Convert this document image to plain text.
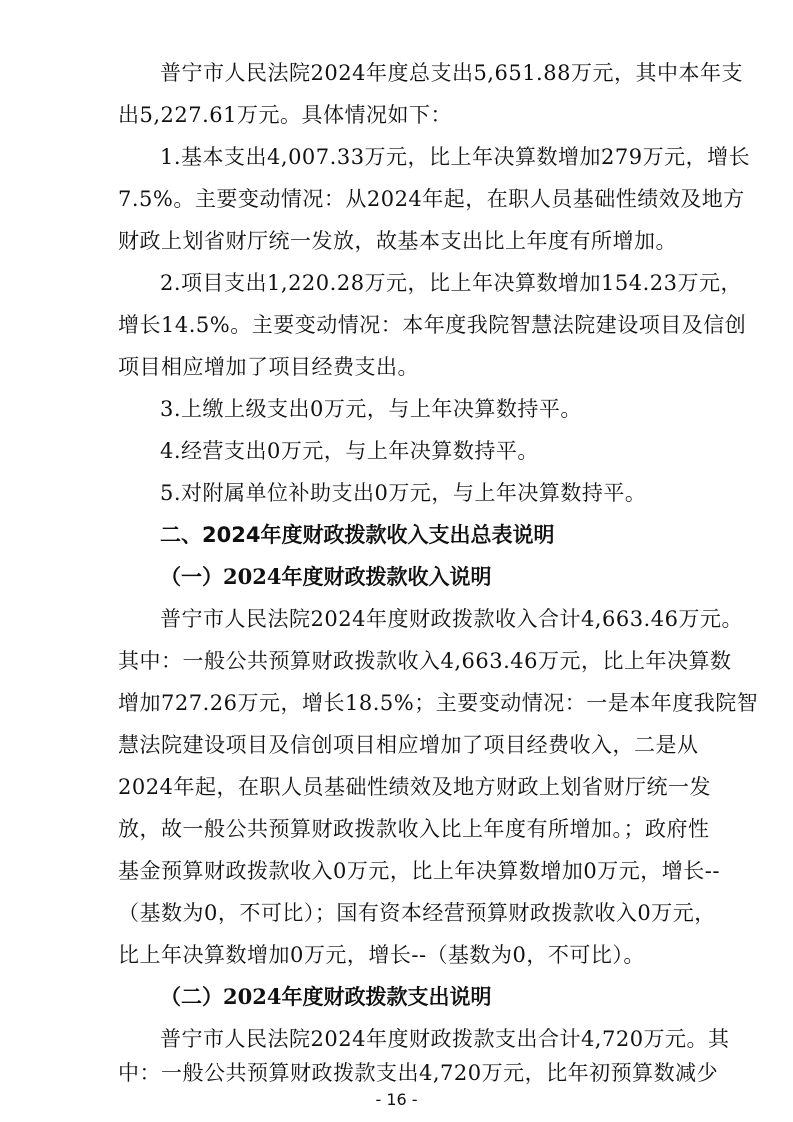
普宁市人民法院2024年度总支出5,651.88万元，其中本年支
出5,227.61万元。具体情况如下：
1.基本支出4,007.33万元，比上年决算数增加279万元，增长
7.5%。主要变动情况：从2024年起，在职人员基础性绩效及地方
财政上划省财厅统一发放，故基本支出比上年度有所增加。
2.项目支出1,220.28万元，比上年决算数增加154.23万元，
增长14.5%。主要变动情况：本年度我院智慧法院建设项目及信创
项目相应增加了项目经费支出。
3.上缴上级支出0万元，与上年决算数持平。
4.经营支出0万元，与上年决算数持平。
5.对附属单位补助支出0万元，与上年决算数持平。
二、2024年度财政拨款收入支出总表说明
（一）2024年度财政拨款收入说明
普宁市人民法院2024年度财政拨款收入合计4,663.46万元。
其中：一般公共预算财政拨款收入4,663.46万元，比上年决算数
增加727.26万元，增长18.5%；主要变动情况：一是本年度我院智
慧法院建设项目及信创项目相应增加了项目经费收入，二是从
2024年起，在职人员基础性绩效及地方财政上划省财厅统一发
放，故一般公共预算财政拨款收入比上年度有所增加。；政府性
基金预算财政拨款收入0万元，比上年决算数增加0万元，增长--
（基数为0，不可比）；国有资本经营预算财政拨款收入0万元，
比上年决算数增加0万元，增长--（基数为0，不可比）。
（二）2024年度财政拨款支出说明
普宁市人民法院2024年度财政拨款支出合计4,720万元。其
中：一般公共预算财政拨款支出4,720万元，比年初预算数减少
- 16 -
